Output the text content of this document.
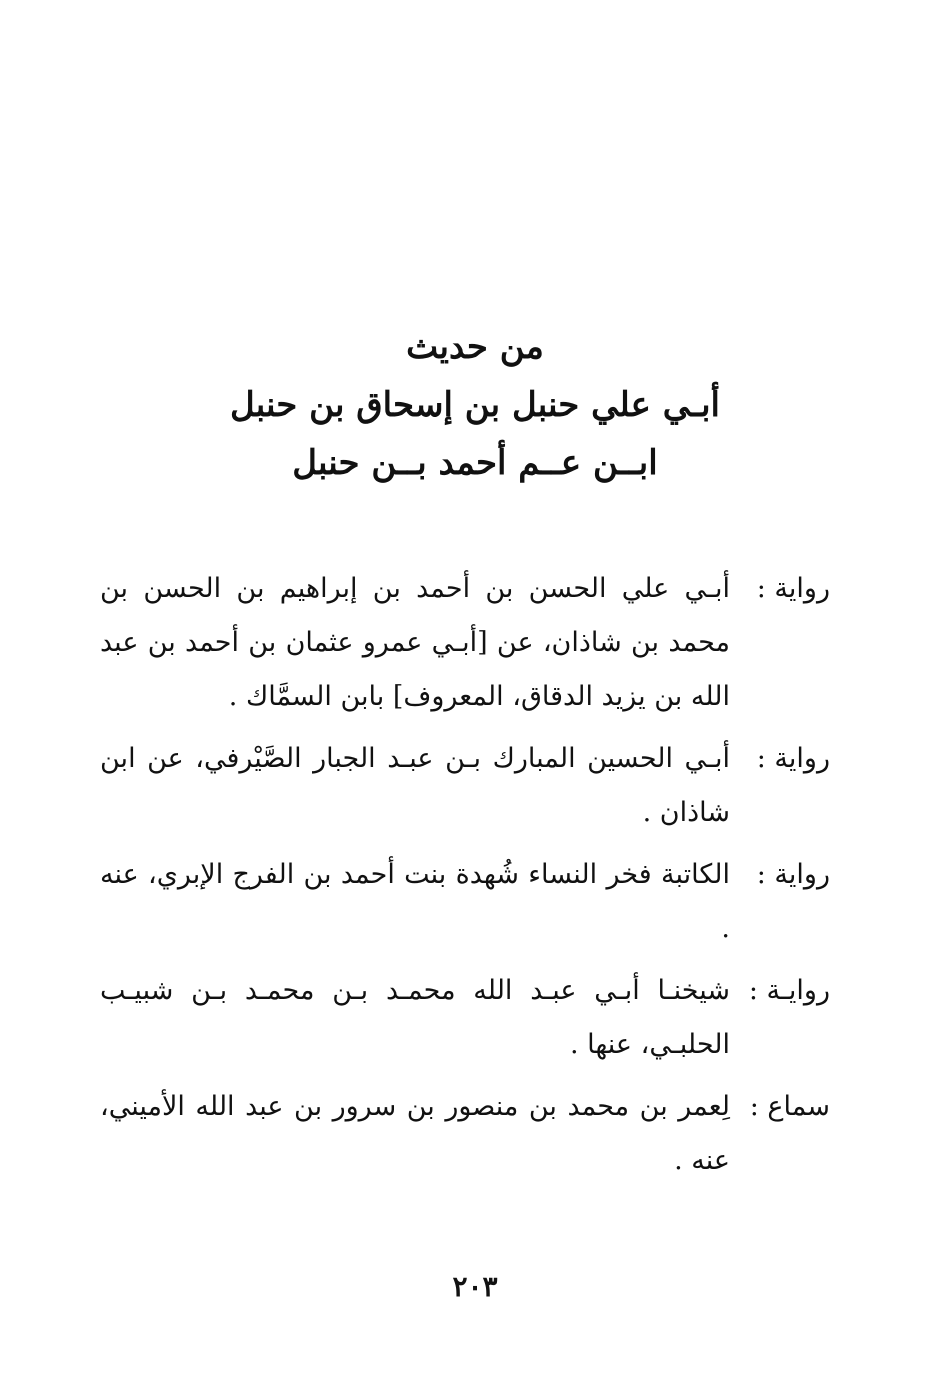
من حديث
أبـي علي حنبل بن إسحاق بن حنبل
ابــن عــم أحمد بــن حنبل
رواية :
أبـي علي الحسن بن أحمد بن إبراهيم بن الحسن بن محمد بن شاذان، عن [أبـي عمرو عثمان بن أحمد بن عبد الله بن يزيد الدقاق، المعروف] بابن السمَّاك .
رواية :
أبـي الحسين المبارك بـن عبـد الجبار الصَّيْرفي، عن ابن شاذان .
رواية :
الكاتبة فخر النساء شُهدة بنت أحمد بن الفرج الإبري، عنه .
روايـة :
شيخنـا أبـي عبـد الله محمـد بـن محمـد بـن شبيـب الحلبـي، عنها .
سماع :
لِعمر بن محمد بن منصور بن سرور بن عبد الله الأميني، عنه .
٢٠٣
